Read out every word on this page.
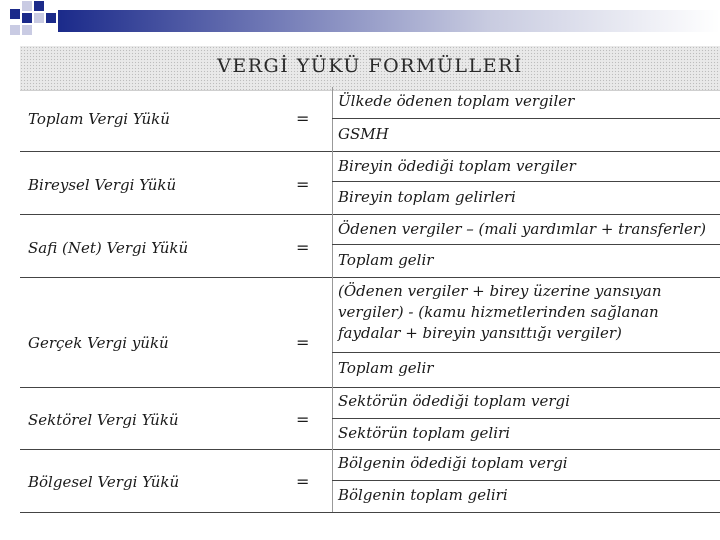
VERGİ YÜKÜ FORMÜLLERİ
Toplam Vergi Yükü	=
Ülkede ödenen toplam vergiler
GSMH
Bireysel Vergi Yükü	=
Bireyin ödediği toplam vergiler
Bireyin toplam gelirleri
Safi (Net) Vergi Yükü	=
Ödenen vergiler – (mali yardımlar + transferler)
Toplam gelir
Gerçek Vergi yükü	=
(Ödenen vergiler + birey üzerine yansıyan vergiler) - (kamu hizmetlerinden sağlanan faydalar + bireyin yansıttığı vergiler)
Toplam gelir
Sektörel Vergi Yükü	=
Sektörün ödediği toplam vergi
Sektörün toplam geliri
Bölgesel Vergi Yükü	=
Bölgenin ödediği toplam vergi
Bölgenin toplam geliri
